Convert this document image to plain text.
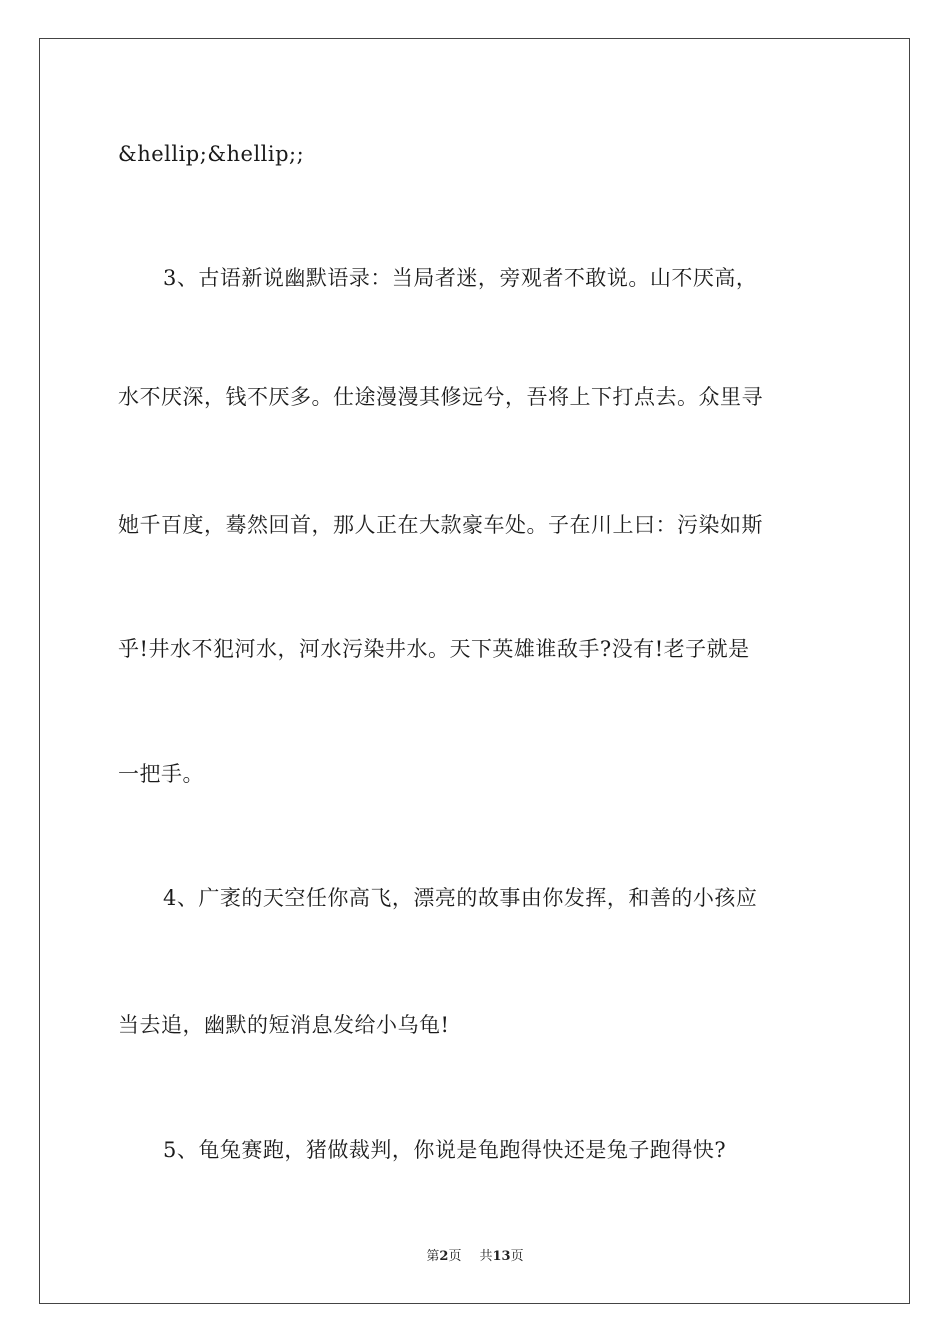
&hellip;&hellip;;
3、古语新说幽默语录：当局者迷，旁观者不敢说。山不厌高，
水不厌深，钱不厌多。仕途漫漫其修远兮，吾将上下打点去。众里寻
她千百度，蓦然回首，那人正在大款豪车处。子在川上曰：污染如斯
乎!井水不犯河水，河水污染井水。天下英雄谁敌手?没有!老子就是
一把手。
4、广袤的天空任你高飞，漂亮的故事由你发挥，和善的小孩应
当去追，幽默的短消息发给小乌龟!
5、龟兔赛跑，猪做裁判，你说是龟跑得快还是兔子跑得快?
第2页 共13页
